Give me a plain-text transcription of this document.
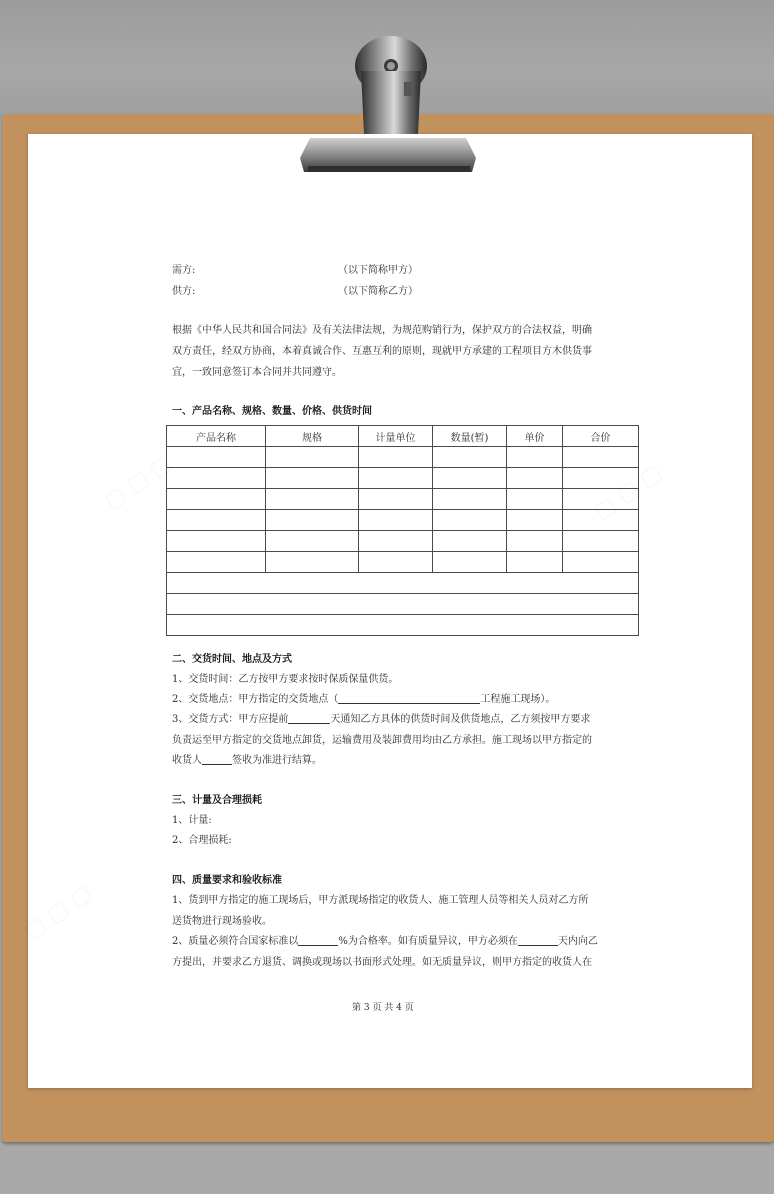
需方:	（以下简称甲方）

供方:	（以下简称乙方）

根据《中华人民共和国合同法》及有关法律法规，为规范购销行为，保护双方的合法权益，明确
双方责任，经双方协商，本着真诚合作、互惠互利的原则，现就甲方承建的工程项目方木供货事
宜，一致同意签订本合同并共同遵守。

一、产品名称、规格、数量、价格、供货时间

产品名称	规格	计量单位	数量(暂)	单价	合价

二、交货时间、地点及方式

1、交货时间：乙方按甲方要求按时保质保量供货。

2、交货地点：甲方指定的交货地点（	工程施工现场）。

3、交货方式：甲方应提前	天通知乙方具体的供货时间及供货地点，乙方须按甲方要求

负责运至甲方指定的交货地点卸货，运输费用及装卸费用均由乙方承担。施工现场以甲方指定的

收货人	签收为准进行结算。

三、计量及合理损耗

1、计量:

2、合理损耗:

四、质量要求和验收标准

1、货到甲方指定的施工现场后，甲方派现场指定的收货人、施工管理人员等相关人员对乙方所

送货物进行现场验收。

2、质量必须符合国家标准以	%为合格率。如有质量异议，甲方必须在	天内向乙

方提出，并要求乙方退货、调换或现场以书面形式处理。如无质量异议，则甲方指定的收货人在

第 3 页 共 4 页
